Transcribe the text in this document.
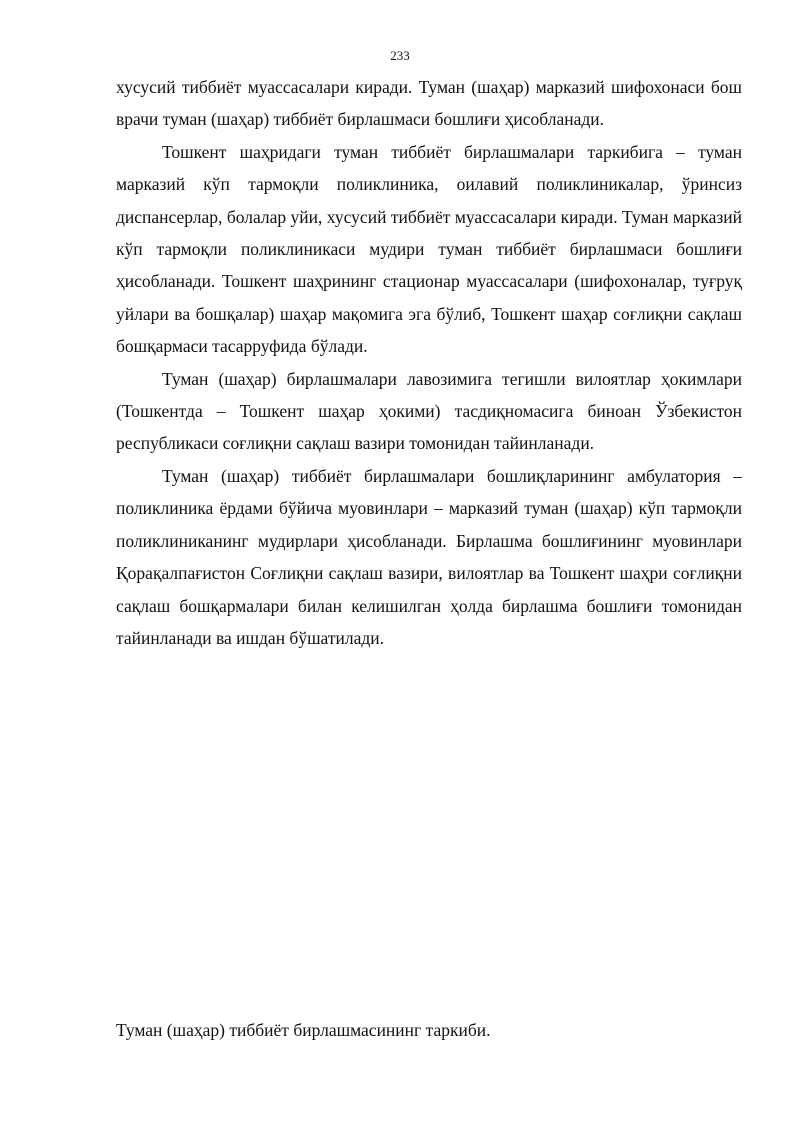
233

хусусий тиббиёт муассасалари киради. Туман (шаҳар) марказий шифохонаси бош врачи туман (шаҳар) тиббиёт бирлашмаси бошлиғи ҳисобланади.

Тошкент шаҳридаги туман тиббиёт бирлашмалари таркибига – туман марказий кўп тармоқли поликлиника, оилавий поликлиникалар, ўринсиз диспансерлар, болалар уйи, хусусий тиббиёт муассасалари киради. Туман марказий кўп тармоқли поликлиникаси мудири туман тиббиёт бирлашмаси бошлиғи ҳисобланади. Тошкент шаҳрининг стационар муассасалари (шифохоналар, туғруқ уйлари ва бошқалар) шаҳар мақомига эга бўлиб, Тошкент шаҳар соғлиқни сақлаш бошқармаси тасарруфида бўлади.

Туман (шаҳар) бирлашмалари лавозимига тегишли вилоятлар ҳокимлари (Тошкентда – Тошкент шаҳар ҳокими) тасдиқномасига биноан Ўзбекистон республикаси соғлиқни сақлаш вазири томонидан тайинланади.

Туман (шаҳар) тиббиёт бирлашмалари бошлиқларининг амбулатория – поликлиника ёрдами бўйича муовинлари – марказий туман (шаҳар) кўп тармоқли поликлиниканинг мудирлари ҳисобланади. Бирлашма бошлиғининг муовинлари Қорақалпағистон Соғлиқни сақлаш вазири, вилоятлар ва Тошкент шаҳри соғлиқни сақлаш бошқармалари билан келишилган ҳолда бирлашма бошлиғи томонидан тайинланади ва ишдан бўшатилади.

Туман (шаҳар) тиббиёт бирлашмасининг таркиби.
